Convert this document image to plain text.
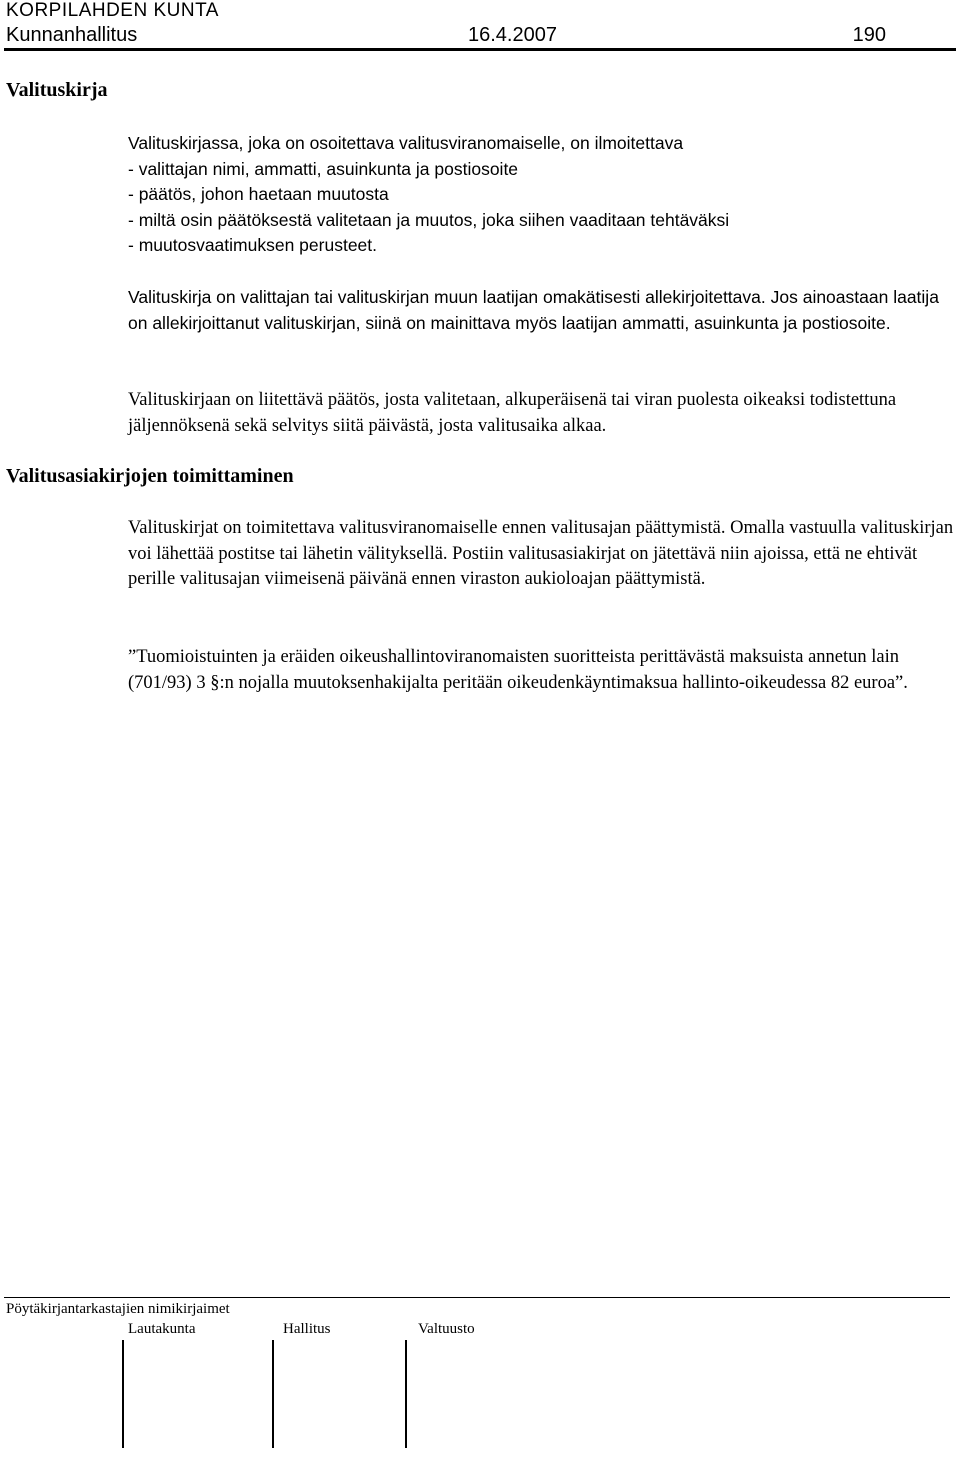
KORPILAHDEN KUNTA
Kunnanhallitus	16.4.2007	190
Valituskirja
Valituskirjassa, joka on osoitettava valitusviranomaiselle, on ilmoitettava
- valittajan nimi, ammatti, asuinkunta ja postiosoite
- päätös, johon haetaan muutosta
- miltä osin päätöksestä valitetaan ja muutos, joka siihen vaaditaan tehtäväksi
- muutosvaatimuksen perusteet.
Valituskirja on valittajan tai valituskirjan muun laatijan omakätisesti allekirjoitettava. Jos ainoastaan laatija on allekirjoittanut valituskirjan, siinä on mainittava myös laatijan ammatti, asuinkunta ja postiosoite.
Valituskirjaan on liitettävä päätös, josta valitetaan, alkuperäisenä tai viran puolesta oikeaksi todistettuna jäljennöksenä sekä selvitys siitä päivästä, josta valitusaika alkaa.
Valitusasiakirjojen toimittaminen
Valituskirjat on toimitettava valitusviranomaiselle ennen valitusajan päättymistä. Omalla vastuulla valituskirjan voi lähettää postitse tai lähetin välityksellä. Postiin valitusasiakirjat on jätettävä niin ajoissa, että ne ehtivät perille valitusajan viimeisenä päivänä ennen viraston aukioloajan päättymistä.
”Tuomioistuinten ja eräiden oikeushallintoviranomaisten suoritteista perittävästä maksuista annetun lain (701/93) 3 §:n nojalla muutoksenhakijalta peritään oikeudenkäyntimaksua hallinto-oikeudessa 82 euroa”.
Pöytäkirjantarkastajien nimikirjaimet
Lautakunta	Hallitus	Valtuusto
